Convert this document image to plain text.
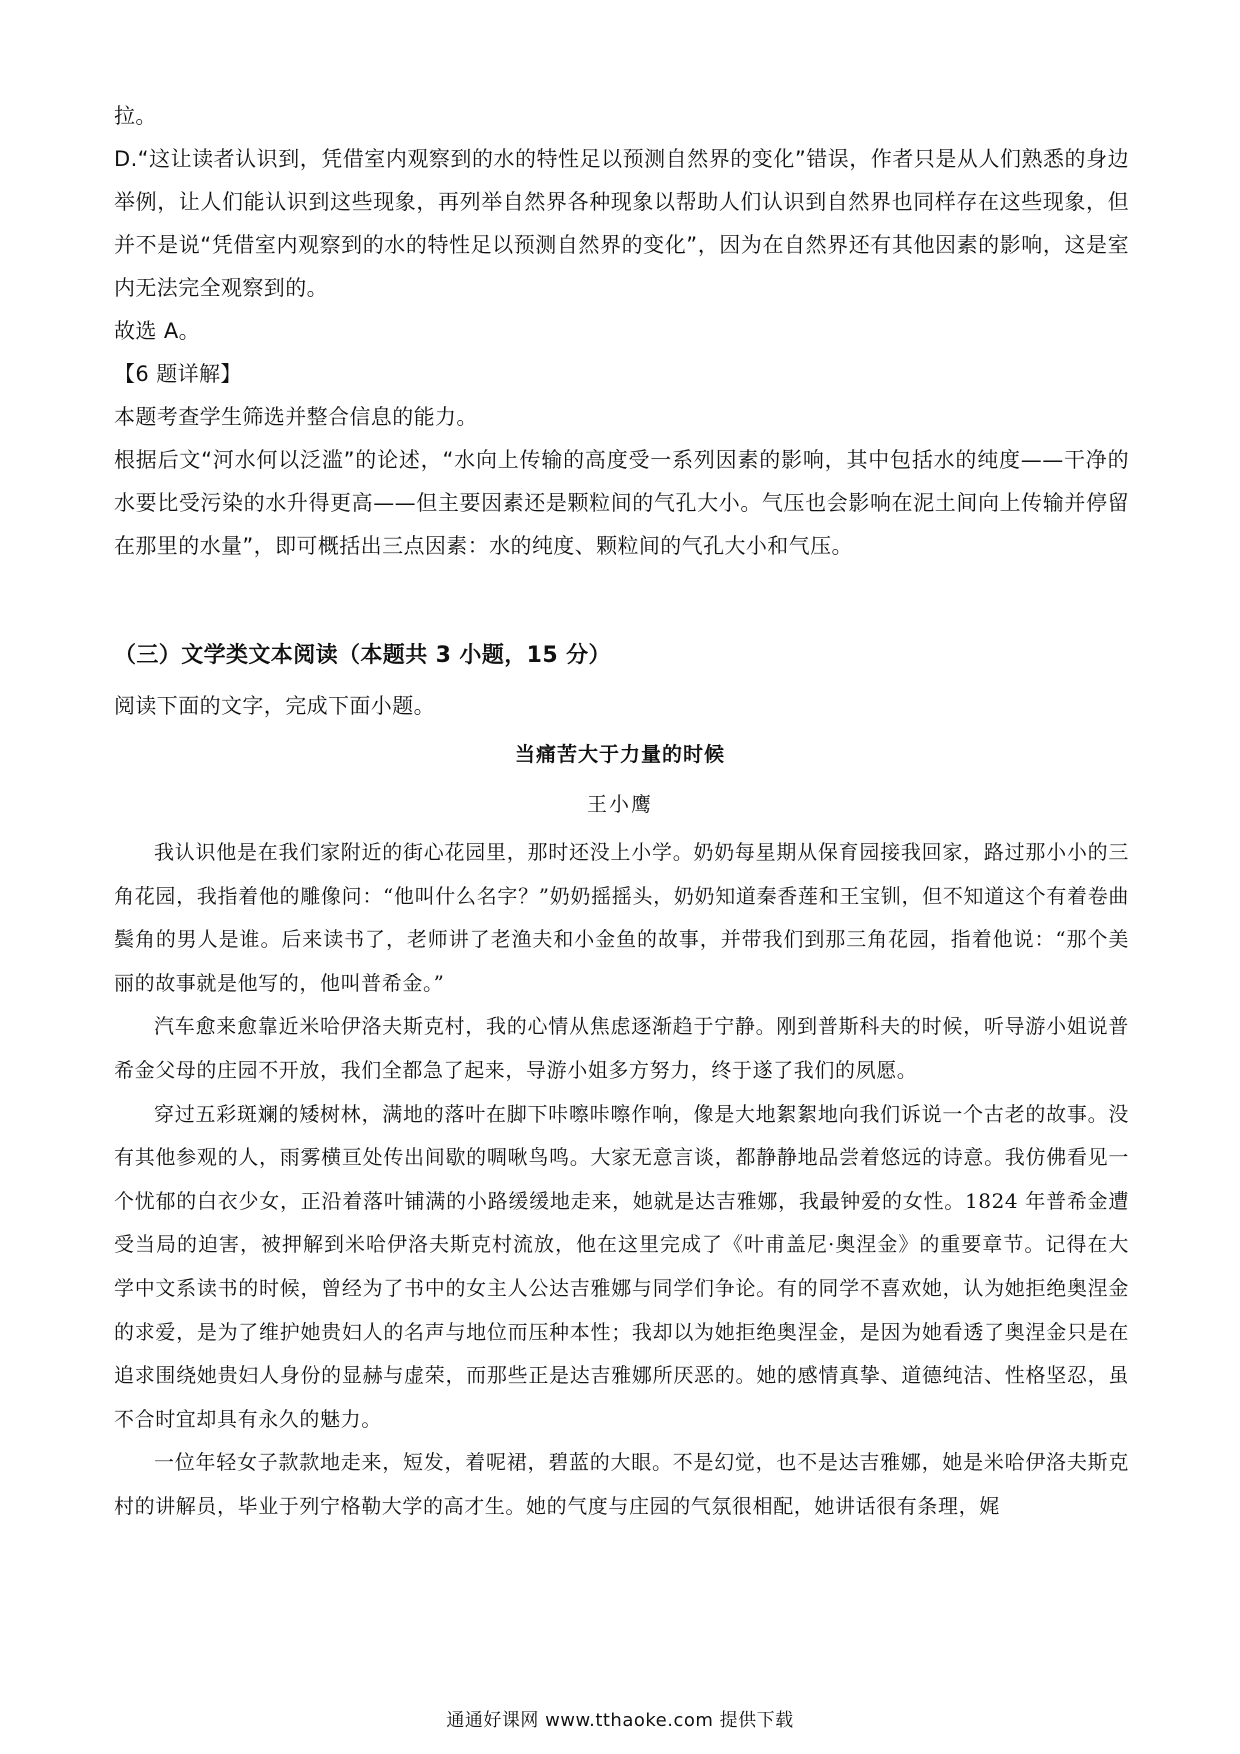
拉。

D.“这让读者认识到，凭借室内观察到的水的特性足以预测自然界的变化”错误，作者只是从人们熟悉的身边举例，让人们能认识到这些现象，再列举自然界各种现象以帮助人们认识到自然界也同样存在这些现象，但并不是说“凭借室内观察到的水的特性足以预测自然界的变化”，因为在自然界还有其他因素的影响，这是室内无法完全观察到的。

故选 A。

【6 题详解】

本题考查学生筛选并整合信息的能力。

根据后文“河水何以泛滥”的论述，“水向上传输的高度受一系列因素的影响，其中包括水的纯度——干净的水要比受污染的水升得更高——但主要因素还是颗粒间的气孔大小。气压也会影响在泥土间向上传输并停留在那里的水量”，即可概括出三点因素：水的纯度、颗粒间的气孔大小和气压。

（三）文学类文本阅读（本题共 3 小题，15 分）
阅读下面的文字，完成下面小题。
当痛苦大于力量的时候
王小鹰

我认识他是在我们家附近的街心花园里，那时还没上小学。奶奶每星期从保育园接我回家，路过那小小的三角花园，我指着他的雕像问：“他叫什么名字？”奶奶摇摇头，奶奶知道秦香莲和王宝钏，但不知道这个有着卷曲鬓角的男人是谁。后来读书了，老师讲了老渔夫和小金鱼的故事，并带我们到那三角花园，指着他说：“那个美丽的故事就是他写的，他叫普希金。”

汽车愈来愈靠近米哈伊洛夫斯克村，我的心情从焦虑逐渐趋于宁静。刚到普斯科夫的时候，听导游小姐说普希金父母的庄园不开放，我们全都急了起来，导游小姐多方努力，终于遂了我们的夙愿。

穿过五彩斑斓的矮树林，满地的落叶在脚下咔嚓咔嚓作响，像是大地絮絮地向我们诉说一个古老的故事。没有其他参观的人，雨雾横亘处传出间歇的啁啾鸟鸣。大家无意言谈，都静静地品尝着悠远的诗意。我仿佛看见一个忧郁的白衣少女，正沿着落叶铺满的小路缓缓地走来，她就是达吉雅娜，我最钟爱的女性。1824 年普希金遭受当局的迫害，被押解到米哈伊洛夫斯克村流放，他在这里完成了《叶甫盖尼·奥涅金》的重要章节。记得在大学中文系读书的时候，曾经为了书中的女主人公达吉雅娜与同学们争论。有的同学不喜欢她，认为她拒绝奥涅金的求爱，是为了维护她贵妇人的名声与地位而压种本性；我却以为她拒绝奥涅金，是因为她看透了奥涅金只是在追求围绕她贵妇人身份的显赫与虚荣，而那些正是达吉雅娜所厌恶的。她的感情真挚、道德纯洁、性格坚忍，虽不合时宜却具有永久的魅力。

一位年轻女子款款地走来，短发，着呢裙，碧蓝的大眼。不是幻觉，也不是达吉雅娜，她是米哈伊洛夫斯克村的讲解员，毕业于列宁格勒大学的高才生。她的气度与庄园的气氛很相配，她讲话很有条理，娓

通通好课网 www.tthaoke.com 提供下载
